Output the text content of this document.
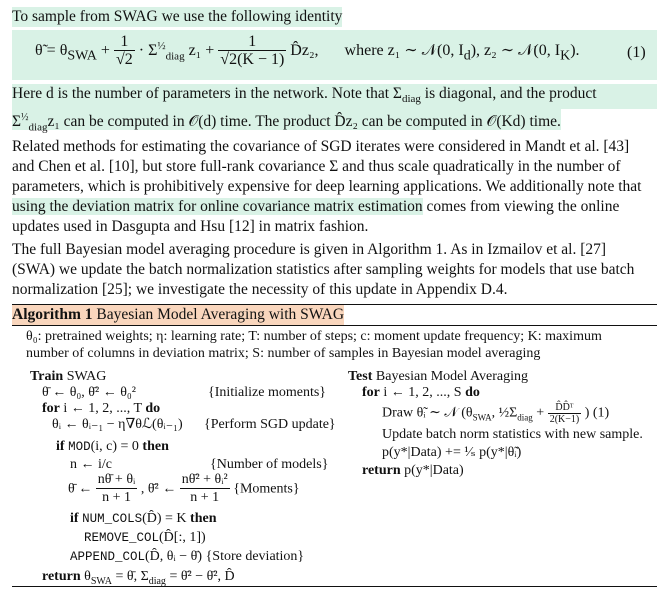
To sample from SWAG we use the following identity
θ̃ = $\theta_{SWA} + \frac{1}{√2} \cdot \Sigma^{\frac{1}{2}}_{diag}$ $z_1 + \frac{1}{√2(K - 1)}$ D̂z₂, where z₁ ∼ 𝒩(0, $I_d$), z₂ ∼ 𝒩(0, $I_K$).	(1)
Here d is the number of parameters in the network. Note that $\Sigma_{diag}$ is diagonal, and the product
$\Sigma^{\frac{1}{2}}_{diag}z_1$ can be computed in 𝒪(d) time. The product D̂z₂ can be computed in 𝒪(Kd) time.
Related methods for estimating the covariance of SGD iterates were considered in Mandt et al. [43]
and Chen et al. [10], but store full-rank covariance Σ and thus scale quadratically in the number of
parameters, which is prohibitively expensive for deep learning applications. We additionally note that
using the deviation matrix for online covariance matrix estimation comes from viewing the online
updates used in Dasgupta and Hsu [12] in matrix fashion.
The full Bayesian model averaging procedure is given in Algorithm 1. As in Izmailov et al. [27]
(SWA) we update the batch normalization statistics after sampling weights for models that use batch
normalization [25]; we investigate the necessity of this update in Appendix D.4.
Algorithm 1 Bayesian Model Averaging with SWAG
θ₀: pretrained weights; η: learning rate; T: number of steps; c: moment update frequency; K: maximum
number of columns in deviation matrix; S: number of samples in Bayesian model averaging
Train SWAG
θ̄ ← θ₀, θ̄² ← θ₀²	{Initialize moments}
for i ← 1, 2, ..., T do
θᵢ ← θᵢ₋₁ − η∇θℒ(θᵢ₋₁) {Perform SGD update}
if MOD(i, c) = 0 then
n ← i/c	{Number of models}
θ̄ ← $\frac{\text{nθ̄ + θᵢ}}{n + 1}$ , θ̄² ← $\frac{\text{nθ̄² + θᵢ²}}{n + 1}$ {Moments}
if NUM_COLS(D̂) = K then
REMOVE_COL(D̂[:, 1])
APPEND_COL(D̂, θᵢ − θ̄) {Store deviation}
return $\theta_{SWA}$ = θ̄, $\Sigma_{diag}$ = θ̄² − θ̄², D̂
Test Bayesian Model Averaging
for i ← 1, 2, ..., S do
Draw θ̃ᵢ ∼ 𝒩 ($\theta_{SWA}$, $\frac{1}{2}\Sigma_{diag} + \frac{\text{D̂D̂ᵀ}}{2(K-1)}$ ) (1)
Update batch norm statistics with new sample.
p(y*|Data) += ¹⁄ₛ p(y*|θ̃ᵢ)
return p(y*|Data)
